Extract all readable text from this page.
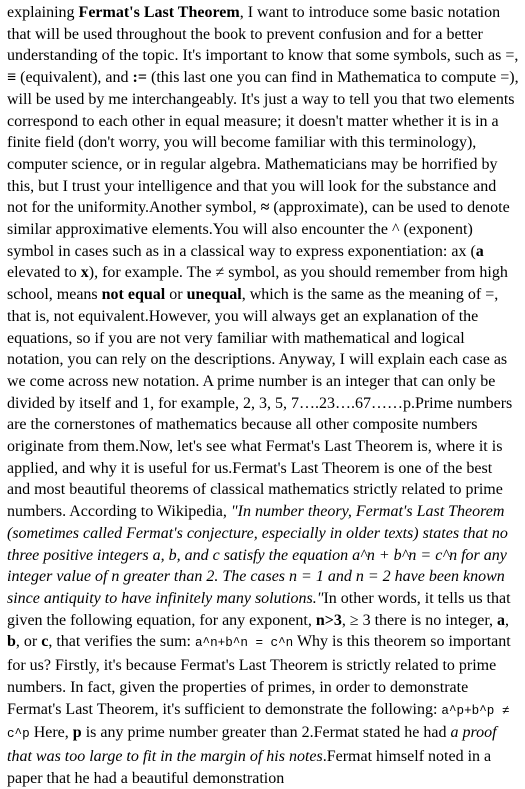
explaining Fermat's Last Theorem, I want to introduce some basic notation that will be used throughout the book to prevent confusion and for a better understanding of the topic. It's important to know that some symbols, such as =, ≡ (equivalent), and := (this last one you can find in Mathematica to compute =), will be used by me interchangeably. It's just a way to tell you that two elements correspond to each other in equal measure; it doesn't matter whether it is in a finite field (don't worry, you will become familiar with this terminology), computer science, or in regular algebra. Mathematicians may be horrified by this, but I trust your intelligence and that you will look for the substance and not for the uniformity.Another symbol, ≈ (approximate), can be used to denote similar approximative elements.You will also encounter the ^ (exponent) symbol in cases such as in a classical way to express exponentiation: ax (a elevated to x), for example. The ≠ symbol, as you should remember from high school, means not equal or unequal, which is the same as the meaning of =, that is, not equivalent.However, you will always get an explanation of the equations, so if you are not very familiar with mathematical and logical notation, you can rely on the descriptions. Anyway, I will explain each case as we come across new notation. A prime number is an integer that can only be divided by itself and 1, for example, 2, 3, 5, 7….23….67……p.Prime numbers are the cornerstones of mathematics because all other composite numbers originate from them.Now, let's see what Fermat's Last Theorem is, where it is applied, and why it is useful for us.Fermat's Last Theorem is one of the best and most beautiful theorems of classical mathematics strictly related to prime numbers. According to Wikipedia, "In number theory, Fermat's Last Theorem (sometimes called Fermat's conjecture, especially in older texts) states that no three positive integers a, b, and c satisfy the equation a^n + b^n = c^n for any integer value of n greater than 2. The cases n = 1 and n = 2 have been known since antiquity to have infinitely many solutions."In other words, it tells us that given the following equation, for any exponent, n>3, ≥ 3 there is no integer, a, b, or c, that verifies the sum: a^n+b^n = c^n Why is this theorem so important for us? Firstly, it's because Fermat's Last Theorem is strictly related to prime numbers. In fact, given the properties of primes, in order to demonstrate Fermat's Last Theorem, it's sufficient to demonstrate the following: a^p+b^p ≠ c^p Here, p is any prime number greater than 2.Fermat stated he had a proof that was too large to fit in the margin of his notes.Fermat himself noted in a paper that he had a beautiful demonstration
